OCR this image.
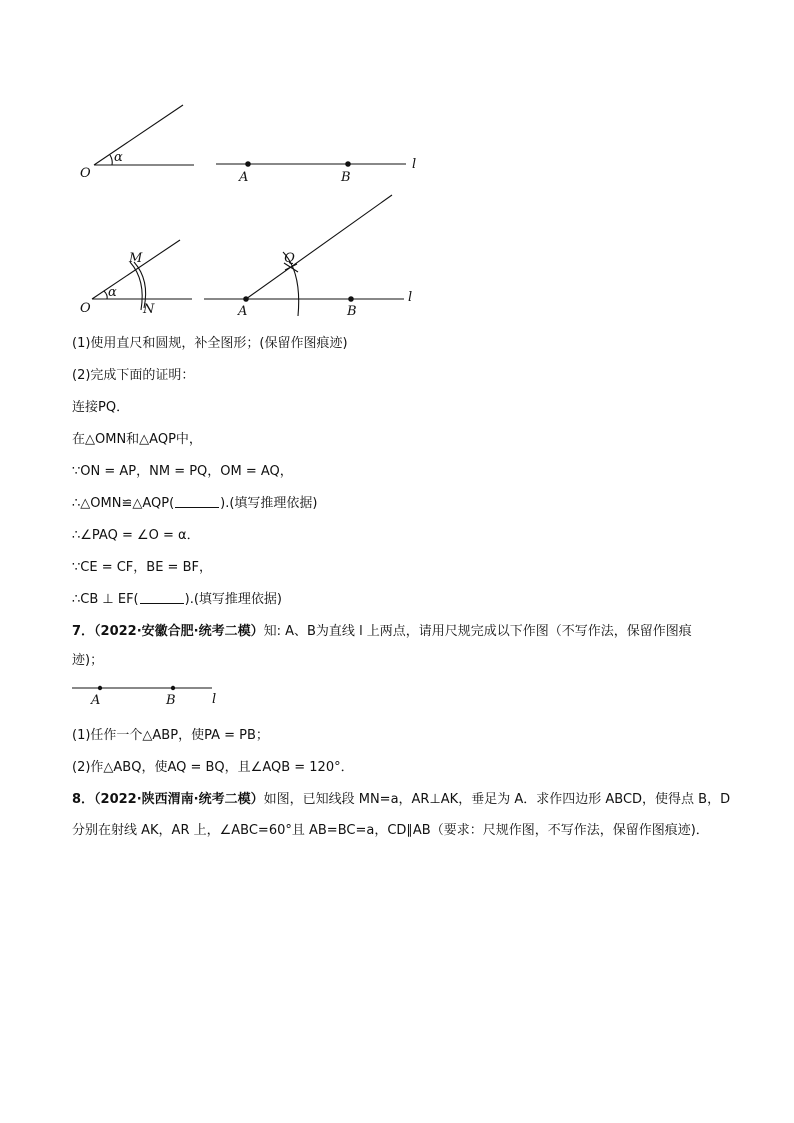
O
α
A	B
l
O
M
N
α
Q
A	B
l
A	B	l
(1)使用直尺和圆规，补全图形；(保留作图痕迹)
(2)完成下面的证明：
连接PQ．
在△OMN和△AQP中，
∵ON = AP，NM = PQ，OM = AQ，
∴△OMN≌△AQP(	).(填写推理依据)
∴∠PAQ = ∠O = α．
∵CE = CF，BE = BF，
∴CB ⊥ EF(	).(填写推理依据)
7．（2022·安徽合肥·统考二模）知: A、B为直线 l 上两点，请用尺规完成以下作图（不写作法，保留作图痕
迹)；
(1)任作一个△ABP，使PA = PB；
(2)作△ABQ，使AQ = BQ，且∠AQB = 120°．
8．（2022·陕西渭南·统考二模）如图，已知线段 MN=a，AR⊥AK，垂足为 A．求作四边形 ABCD，使得点 B，D
分别在射线 AK，AR 上，∠ABC=60°且 AB=BC=a，CD∥AB（要求：尺规作图，不写作法，保留作图痕迹)．
